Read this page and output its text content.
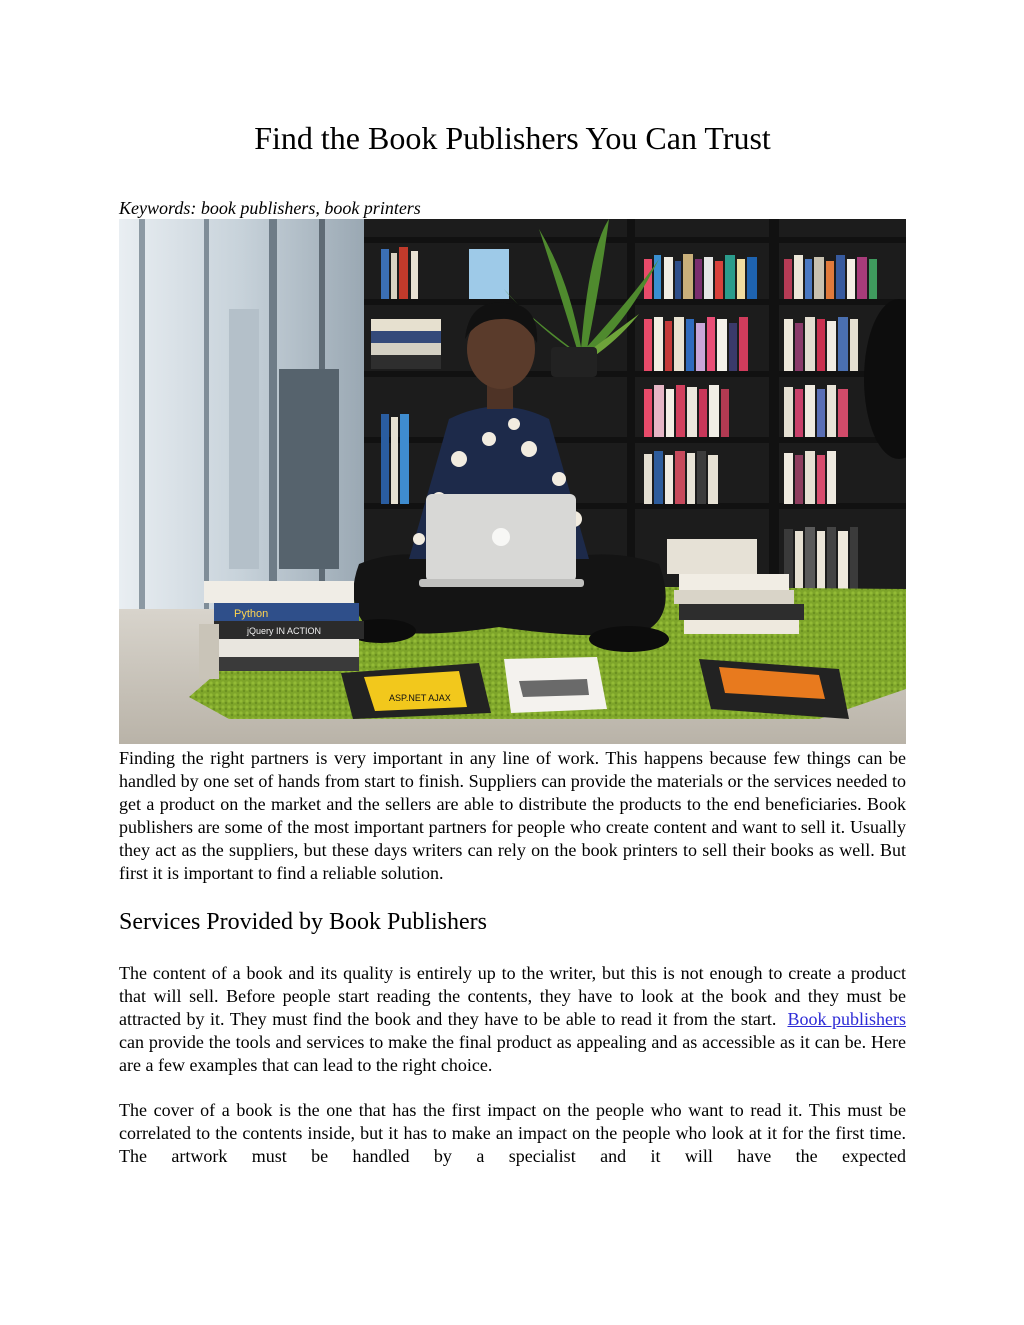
Find the Book Publishers You Can Trust

Keywords: book publishers, book printers

Python
jQuery IN ACTION
ASP.NET AJAX

Finding the right partners is very important in any line of work. This happens because few things can be handled by one set of hands from start to finish. Suppliers can provide the materials or the services needed to get a product on the market and the sellers are able to distribute the products to the end beneficiaries. Book publishers are some of the most important partners for people who create content and want to sell it. Usually they act as the suppliers, but these days writers can rely on the book printers to sell their books as well. But first it is important to find a reliable solution.

Services Provided by Book Publishers

The content of a book and its quality is entirely up to the writer, but this is not enough to create a product that will sell. Before people start reading the contents, they have to look at the book and they must be attracted by it. They must find the book and they have to be able to read it from the start.  Book publishers can provide the tools and services to make the final product as appealing and as accessible as it can be. Here are a few examples that can lead to the right choice.

The cover of a book is the one that has the first impact on the people who want to read it. This must be correlated to the contents inside, but it has to make an impact on the people who look at it for the first time. The artwork must be handled by a specialist and it will have the expected
